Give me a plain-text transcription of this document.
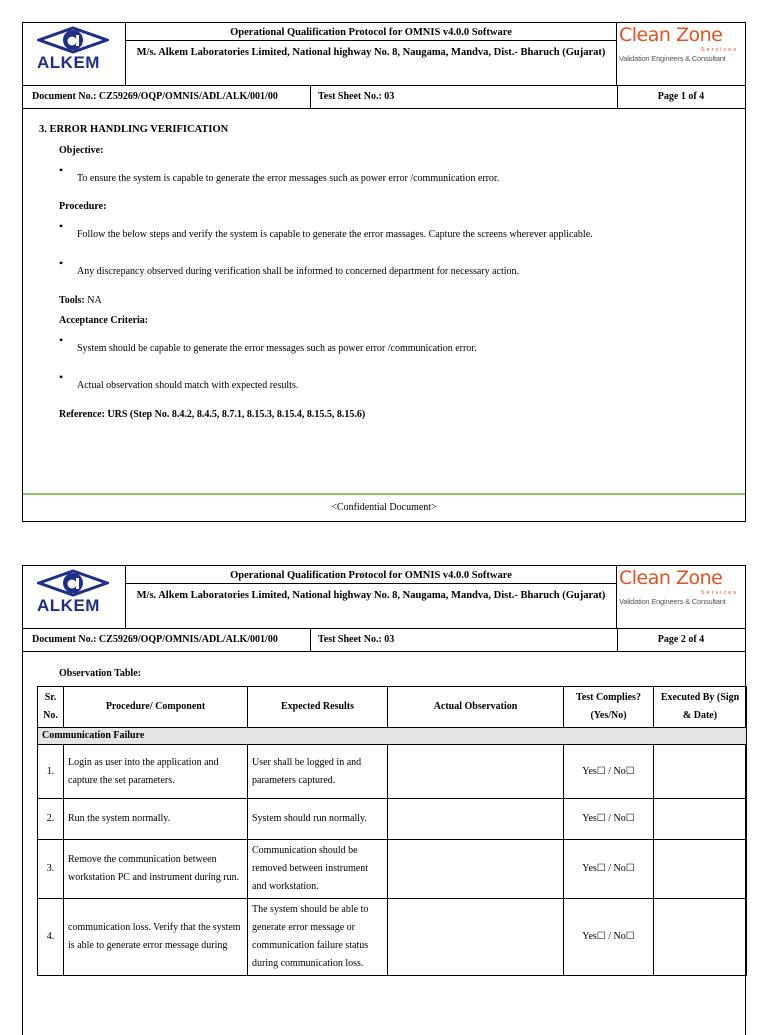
ALKEM
Operational Qualification Protocol for OMNIS v4.0.0 Software
M/s. Alkem Laboratories Limited, National highway No. 8, Naugama, Mandva, Dist.- Bharuch (Gujarat)
Clean Zone
Services
Validation Engineers & Consultant
Document No.: CZ59269/OQP/OMNIS/ADL/ALK/001/00	Test Sheet No.: 03	Page 1 of 4
3. ERROR HANDLING VERIFICATION
Objective:
•
To ensure the system is capable to generate the error messages such as power error /communication error.
Procedure:
•
Follow the below steps and verify the system is capable to generate the error massages. Capture the screens wherever applicable.
•
Any discrepancy observed during verification shall be informed to concerned department for necessary action.
Tools: NA
Acceptance Criteria:
•
System should be capable to generate the error messages such as power error /communication error.
•
Actual observation should match with expected results.
Reference: URS (Step No. 8.4.2, 8.4.5, 8.7.1, 8.15.3, 8.15.4, 8.15.5, 8.15.6)
<Confidential Document>
ALKEM
Operational Qualification Protocol for OMNIS v4.0.0 Software
M/s. Alkem Laboratories Limited, National highway No. 8, Naugama, Mandva, Dist.- Bharuch (Gujarat)
Clean Zone
Services
Validation Engineers & Consultant
Document No.: CZ59269/OQP/OMNIS/ADL/ALK/001/00	Test Sheet No.: 03	Page 2 of 4
Observation Table:
Sr. No.	Procedure/ Component	Expected Results	Actual Observation	Test Complies? (Yes/No)	Executed By (Sign & Date)
Communication Failure					
1.	Login as user into the application and capture the set parameters.	User shall be logged in and parameters captured.		Yes☐ / No☐	
2.	Run the system normally.	System should run normally.		Yes☐ / No☐	
3.	Remove the communication between workstation PC and instrument during run.	Communication should be removed between instrument and workstation.		Yes☐ / No☐	
4.	communication loss. Verify that the system is able to generate error message during	The system should be able to generate error message or communication failure status during communication loss.		Yes☐ / No☐	
